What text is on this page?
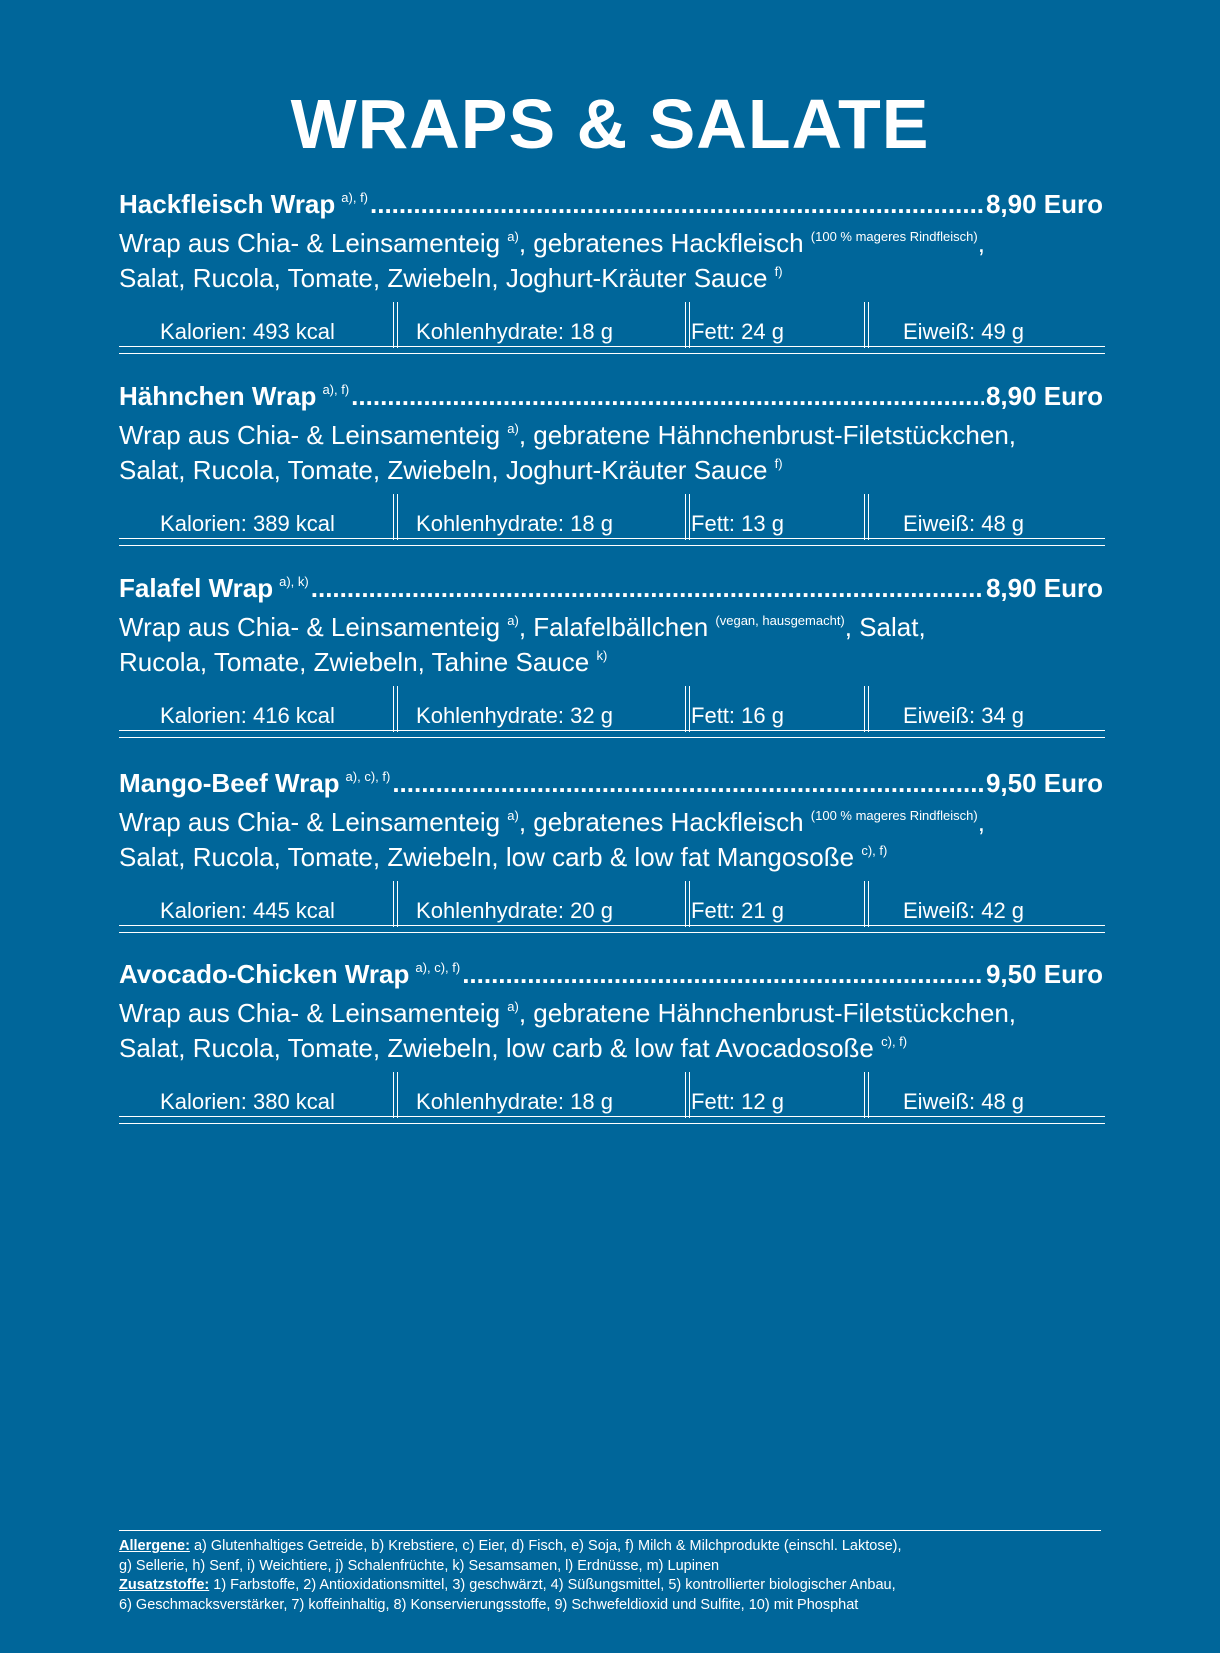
WRAPS & SALATE
Hackfleisch Wrap a), f) .....	8,90 Euro
Wrap aus Chia- & Leinsamenteig $^{a)}$, gebratenes Hackfleisch $^{(100 \% mageres Rindfleisch)}$,
Salat, Rucola, Tomate, Zwiebeln, Joghurt-Kräuter Sauce $^{f)}$
Kalorien: 493 kcal	Kohlenhydrate: 18 g	Fett: 24 g	Eiweiß: 49 g
Hähnchen Wrap a), f) .....	8,90 Euro
Wrap aus Chia- & Leinsamenteig $^{a)}$, gebratene Hähnchenbrust-Filetstückchen,
Salat, Rucola, Tomate, Zwiebeln, Joghurt-Kräuter Sauce $^{f)}$
Kalorien: 389 kcal	Kohlenhydrate: 18 g	Fett: 13 g	Eiweiß: 48 g
Falafel Wrap a), k) .....	8,90 Euro
Wrap aus Chia- & Leinsamenteig $^{a)}$, Falafelbällchen $^{(vegan, hausgemacht)}$, Salat,
Rucola, Tomate, Zwiebeln, Tahine Sauce $^{k)}$
Kalorien: 416 kcal	Kohlenhydrate: 32 g	Fett: 16 g	Eiweiß: 34 g
Mango-Beef Wrap a), c), f) .....	9,50 Euro
Wrap aus Chia- & Leinsamenteig $^{a)}$, gebratenes Hackfleisch $^{(100 \% mageres Rindfleisch)}$,
Salat, Rucola, Tomate, Zwiebeln, low carb & low fat Mangosoße $^{c), f)}$
Kalorien: 445 kcal	Kohlenhydrate: 20 g	Fett: 21 g	Eiweiß: 42 g
Avocado-Chicken Wrap a), c), f) .....	9,50 Euro
Wrap aus Chia- & Leinsamenteig $^{a)}$, gebratene Hähnchenbrust-Filetstückchen,
Salat, Rucola, Tomate, Zwiebeln, low carb & low fat Avocadosoße $^{c), f)}$
Kalorien: 380 kcal	Kohlenhydrate: 18 g	Fett: 12 g	Eiweiß: 48 g
Allergene: a) Glutenhaltiges Getreide, b) Krebstiere, c) Eier, d) Fisch, e) Soja, f) Milch & Milchprodukte (einschl. Laktose),
g) Sellerie, h) Senf, i) Weichtiere, j) Schalenfrüchte, k) Sesamsamen, l) Erdnüsse, m) Lupinen
Zusatzstoffe: 1) Farbstoffe, 2) Antioxidationsmittel, 3) geschwärzt, 4) Süßungsmittel, 5) kontrollierter biologischer Anbau,
6) Geschmacksverstärker, 7) koffeinhaltig, 8) Konservierungsstoffe, 9) Schwefeldioxid und Sulfite, 10) mit Phosphat
